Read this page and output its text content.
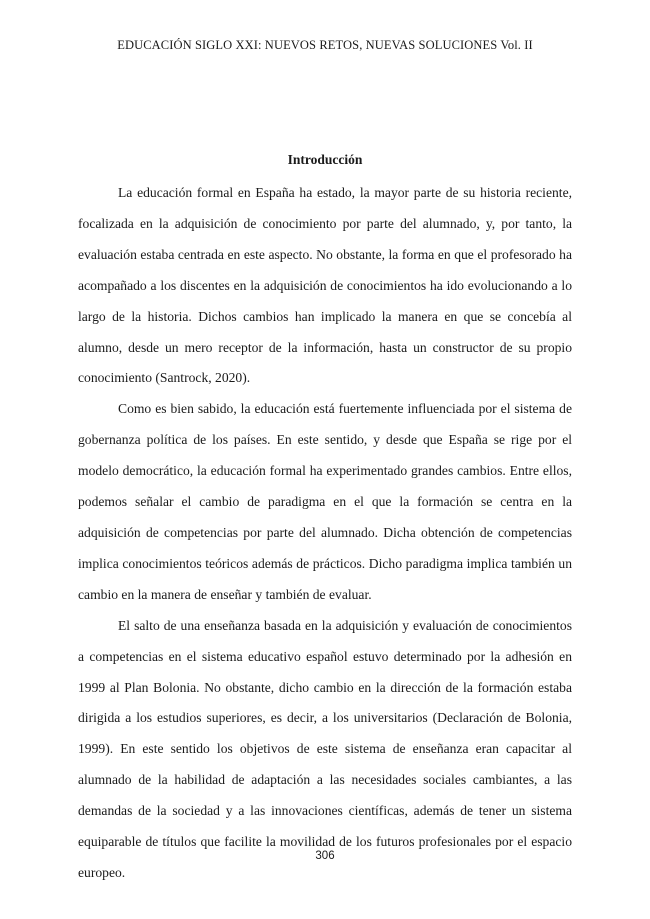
EDUCACIÓN SIGLO XXI: NUEVOS RETOS, NUEVAS SOLUCIONES Vol. II
Introducción

La educación formal en España ha estado, la mayor parte de su historia reciente, focalizada en la adquisición de conocimiento por parte del alumnado, y, por tanto, la evaluación estaba centrada en este aspecto. No obstante, la forma en que el profesorado ha acompañado a los discentes en la adquisición de conocimientos ha ido evolucionando a lo largo de la historia. Dichos cambios han implicado la manera en que se concebía al alumno, desde un mero receptor de la información, hasta un constructor de su propio conocimiento (Santrock, 2020).

Como es bien sabido, la educación está fuertemente influenciada por el sistema de gobernanza política de los países. En este sentido, y desde que España se rige por el modelo democrático, la educación formal ha experimentado grandes cambios. Entre ellos, podemos señalar el cambio de paradigma en el que la formación se centra en la adquisición de competencias por parte del alumnado. Dicha obtención de competencias implica conocimientos teóricos además de prácticos. Dicho paradigma implica también un cambio en la manera de enseñar y también de evaluar.

El salto de una enseñanza basada en la adquisición y evaluación de conocimientos a competencias en el sistema educativo español estuvo determinado por la adhesión en 1999 al Plan Bolonia. No obstante, dicho cambio en la dirección de la formación estaba dirigida a los estudios superiores, es decir, a los universitarios (Declaración de Bolonia, 1999). En este sentido los objetivos de este sistema de enseñanza eran capacitar al alumnado de la habilidad de adaptación a las necesidades sociales cambiantes, a las demandas de la sociedad y a las innovaciones científicas, además de tener un sistema equiparable de títulos que facilite la movilidad de los futuros profesionales por el espacio europeo.

306
